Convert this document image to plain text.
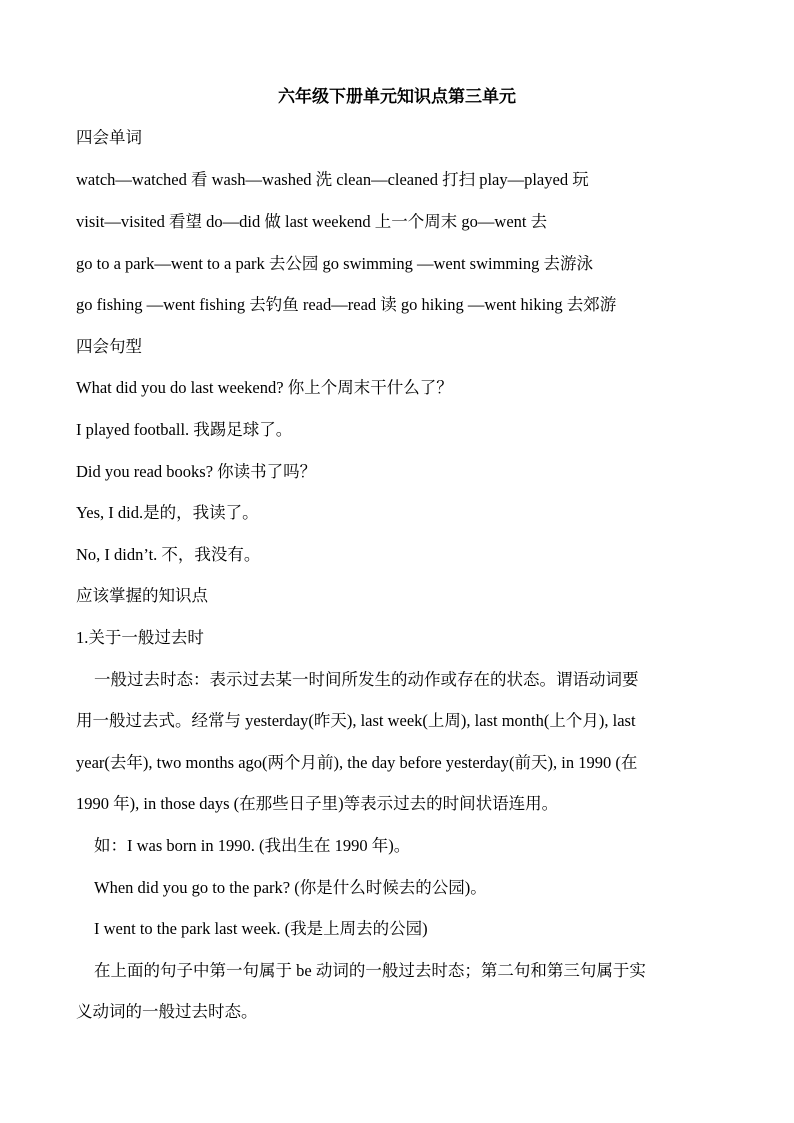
六年级下册单元知识点第三单元
四会单词
watch—watched 看 wash—washed 洗 clean—cleaned 打扫 play—played 玩
visit—visited 看望 do—did 做 last weekend 上一个周末 go—went 去
go to a park—went to a park 去公园 go swimming —went swimming 去游泳
go fishing —went fishing 去钓鱼 read—read 读 go hiking —went hiking 去郊游
四会句型
What did you do last weekend? 你上个周末干什么了？
I played football. 我踢足球了。
Did you read books? 你读书了吗？
Yes, I did.是的，我读了。
No, I didn’t. 不，我没有。
应该掌握的知识点
1.关于一般过去时
一般过去时态：表示过去某一时间所发生的动作或存在的状态。谓语动词要
用一般过去式。经常与 yesterday(昨天), last week(上周), last month(上个月), last
year(去年), two months ago(两个月前), the day before yesterday(前天), in 1990 (在
1990 年), in those days (在那些日子里)等表示过去的时间状语连用。
如：I was born in 1990. (我出生在 1990 年)。
When did you go to the park? (你是什么时候去的公园)。
I went to the park last week. (我是上周去的公园)
在上面的句子中第一句属于 be 动词的一般过去时态；第二句和第三句属于实
义动词的一般过去时态。
